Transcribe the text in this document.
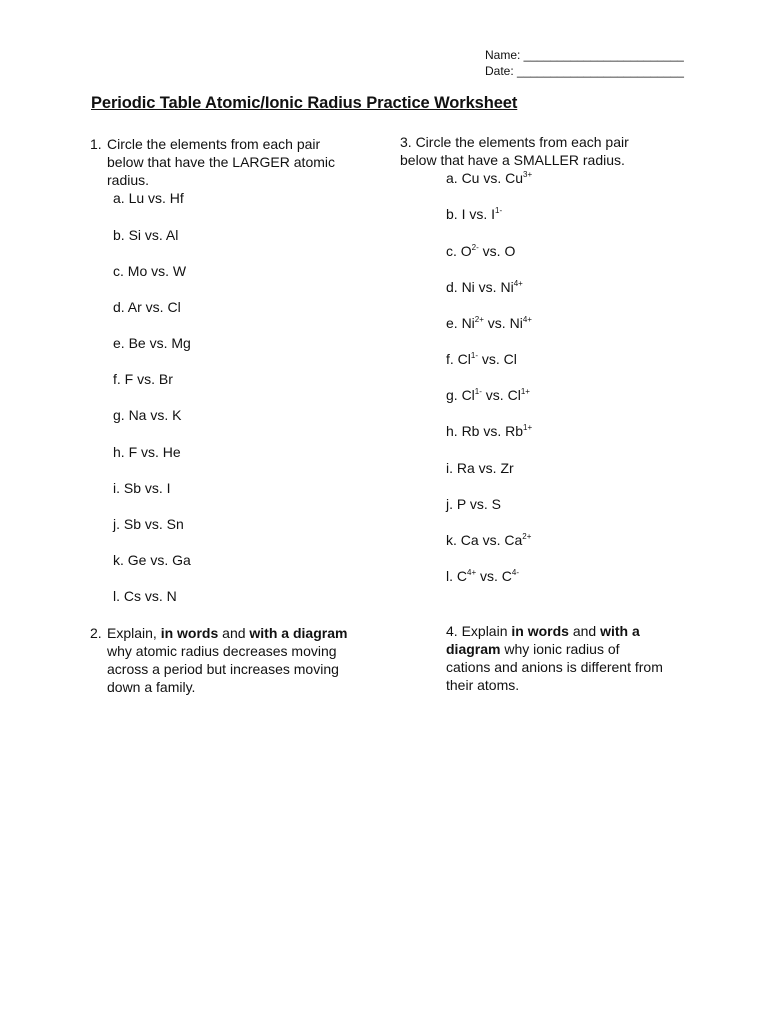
Name: ________________________
Date: _________________________
Periodic Table Atomic/Ionic Radius Practice Worksheet
1. Circle the elements from each pair
below that have the LARGER atomic
radius.
a. Lu vs. Hf
b. Si vs. Al
c. Mo vs. W
d. Ar vs. Cl
e. Be vs. Mg
f. F vs. Br
g. Na vs. K
h. F vs. He
i. Sb vs. I
j. Sb vs. Sn
k. Ge vs. Ga
l. Cs vs. N
2. Explain, in words and with a diagram
why atomic radius decreases moving
across a period but increases moving
down a family.
3. Circle the elements from each pair
below that have a SMALLER radius.
a. Cu vs. $Cu^{3+}$
b. I vs. $I^{1-}$
c. $O^{2-}$ vs. O
d. Ni vs. $Ni^{4+}$
e. $Ni^{2+}$ vs. $Ni^{4+}$
f. $Cl^{1-}$ vs. Cl
g. $Cl^{1-}$ vs. $Cl^{1+}$
h. Rb vs. $Rb^{1+}$
i. Ra vs. Zr
j. P vs. S
k. Ca vs. $Ca^{2+}$
l. $C^{4+}$ vs. $C^{4-}$
4. Explain in words and with a
diagram why ionic radius of
cations and anions is different from
their atoms.
